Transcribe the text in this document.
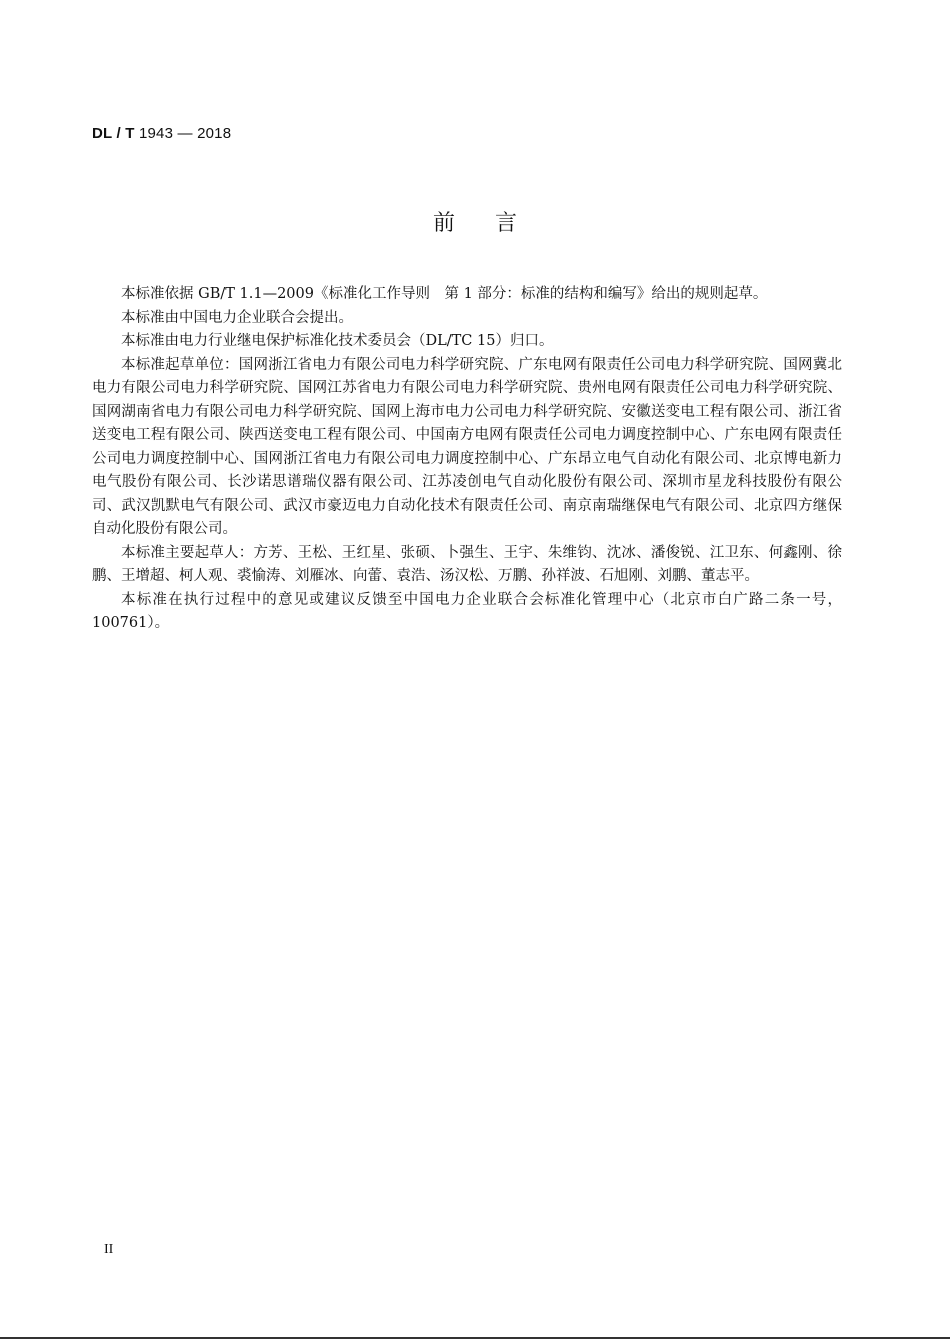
DL / T 1943 — 2018
前言

本标准依据 GB/T 1.1—2009《标准化工作导则　第 1 部分：标准的结构和编写》给出的规则起草。

本标准由中国电力企业联合会提出。

本标准由电力行业继电保护标准化技术委员会（DL/TC 15）归口。

本标准起草单位：国网浙江省电力有限公司电力科学研究院、广东电网有限责任公司电力科学研究院、国网冀北电力有限公司电力科学研究院、国网江苏省电力有限公司电力科学研究院、贵州电网有限责任公司电力科学研究院、国网湖南省电力有限公司电力科学研究院、国网上海市电力公司电力科学研究院、安徽送变电工程有限公司、浙江省送变电工程有限公司、陕西送变电工程有限公司、中国南方电网有限责任公司电力调度控制中心、广东电网有限责任公司电力调度控制中心、国网浙江省电力有限公司电力调度控制中心、广东昂立电气自动化有限公司、北京博电新力电气股份有限公司、长沙诺思谱瑞仪器有限公司、江苏凌创电气自动化股份有限公司、深圳市星龙科技股份有限公司、武汉凯默电气有限公司、武汉市豪迈电力自动化技术有限责任公司、南京南瑞继保电气有限公司、北京四方继保自动化股份有限公司。

本标准主要起草人：方芳、王松、王红星、张硕、卜强生、王宇、朱维钧、沈冰、潘俊锐、江卫东、何鑫刚、徐鹏、王增超、柯人观、裘愉涛、刘雁冰、向蕾、袁浩、汤汉松、万鹏、孙祥波、石旭刚、刘鹏、董志平。

本标准在执行过程中的意见或建议反馈至中国电力企业联合会标准化管理中心（北京市白广路二条一号，100761）。

II
